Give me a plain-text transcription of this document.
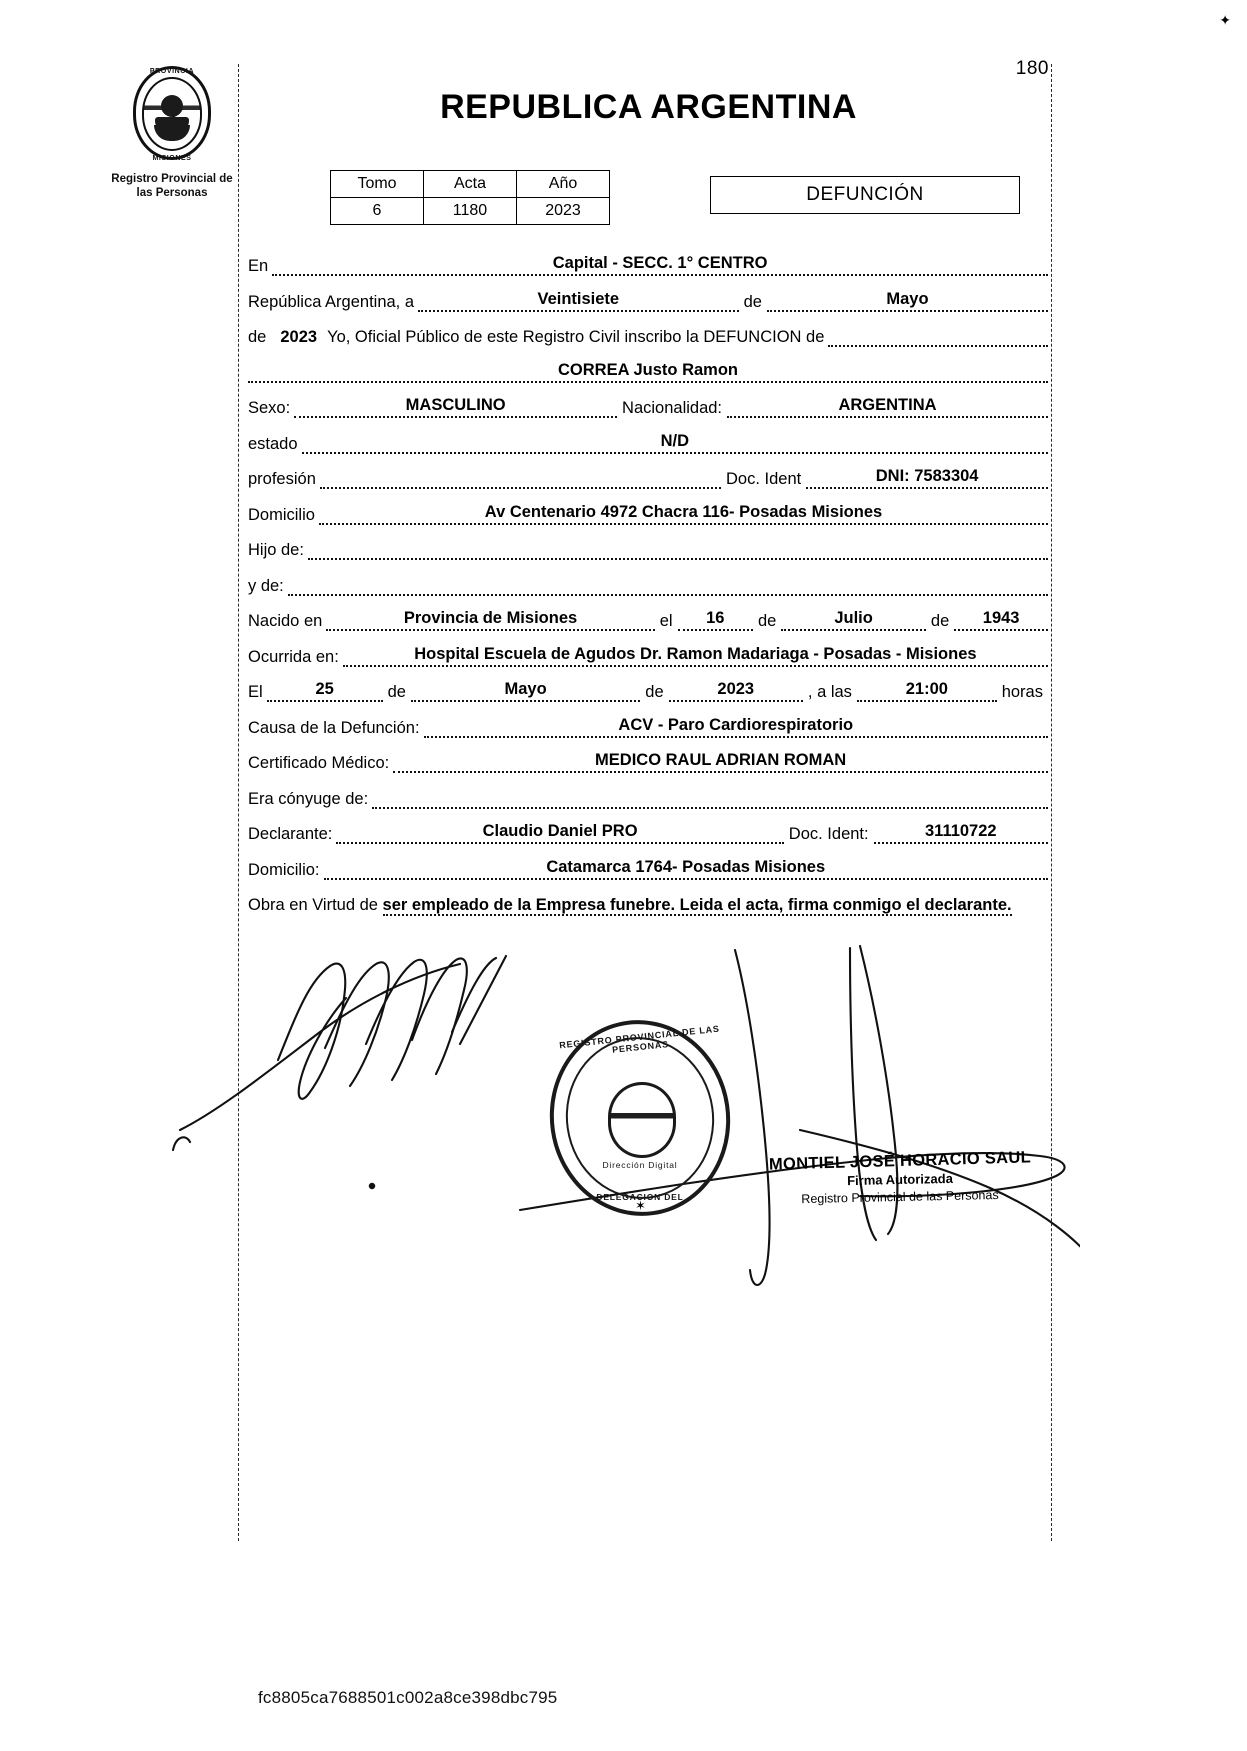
✦
180
PROVINCIA
MISIONES
Registro Provincial de
las Personas
REPUBLICA ARGENTINA
Tomo	Acta	Año
6	1180	2023
DEFUNCIÓN
En	Capital - SECC. 1° CENTRO
República Argentina, a	Veintisiete	de	Mayo
de 2023 Yo, Oficial Público de este Registro Civil inscribo la DEFUNCION de
CORREA Justo Ramon
Sexo:	MASCULINO	Nacionalidad:	ARGENTINA
estado	N/D
profesión	Doc. Ident	DNI: 7583304
Domicilio	Av Centenario 4972 Chacra 116- Posadas Misiones
Hijo de:
y de:
Nacido en	Provincia de Misiones	el	16	de	Julio	de	1943
Ocurrida en:	Hospital Escuela de Agudos Dr. Ramon Madariaga - Posadas - Misiones
El	25	de	Mayo	de	2023	, a las	21:00	horas
Causa de la Defunción:	ACV - Paro Cardiorespiratorio
Certificado Médico:	MEDICO RAUL ADRIAN ROMAN
Era cónyuge de:
Declarante:	Claudio Daniel PRO	Doc. Ident:	31110722
Domicilio:	Catamarca 1764- Posadas Misiones
Obra en Virtud de ser empleado de la Empresa funebre. Leida el acta, firma conmigo el declarante.
REGISTRO PROVINCIAL DE LAS PERSONAS
Dirección Digital
DELEGACION DEL
✶
MONTIEL JOSÉ HORACIO SAUL
Firma Autorizada
Registro Provincial de las Personas
fc8805ca7688501c002a8ce398dbc795
